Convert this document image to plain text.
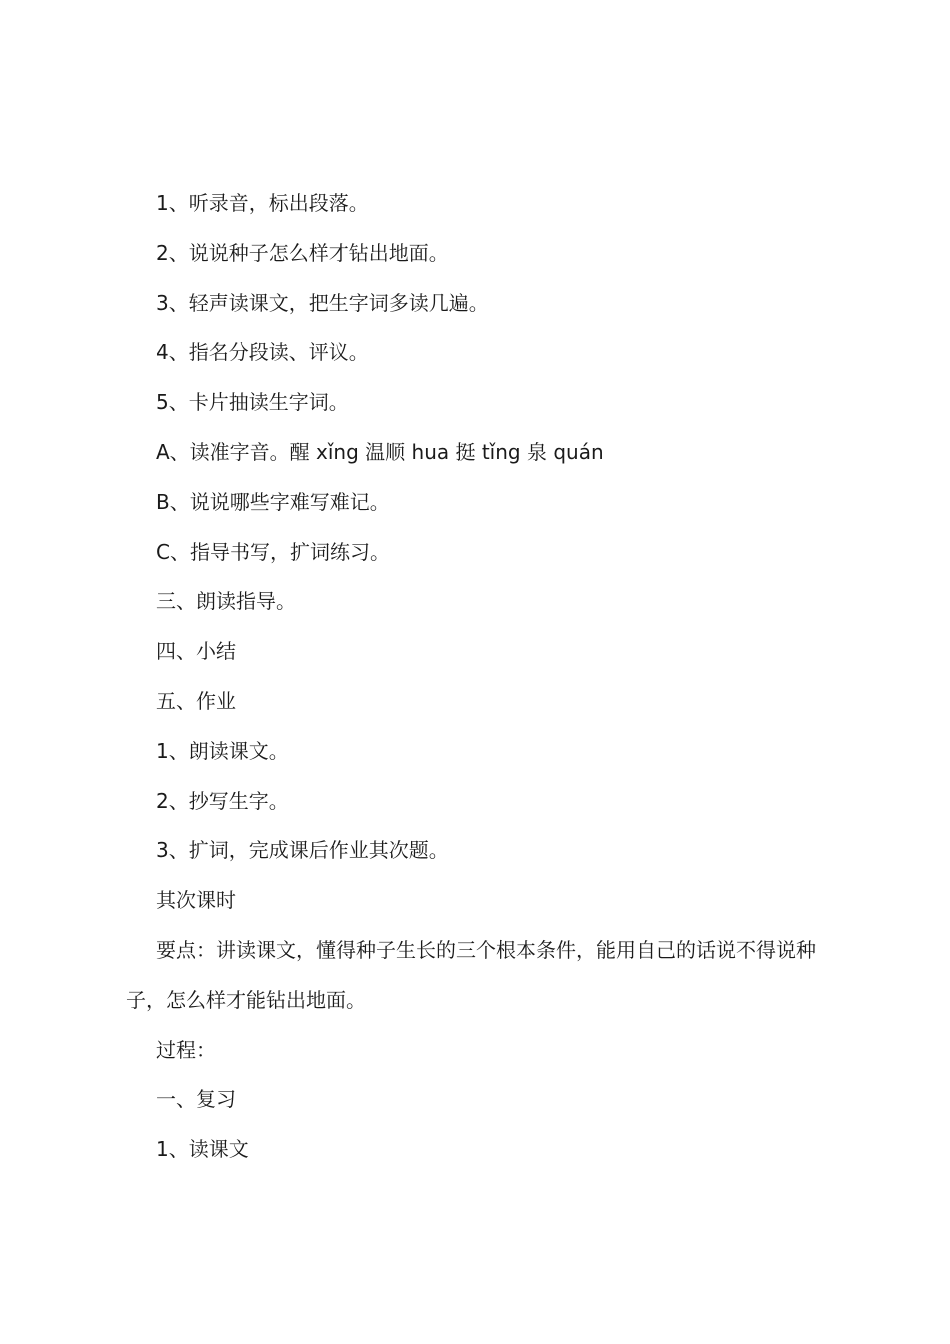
1、听录音，标出段落。

2、说说种子怎么样才钻出地面。

3、轻声读课文，把生字词多读几遍。

4、指名分段读、评议。

5、卡片抽读生字词。

A、读准字音。醒 xǐng 温顺 hua 挺 tǐng 泉 quán

B、说说哪些字难写难记。

C、指导书写，扩词练习。

三、朗读指导。

四、小结

五、作业

1、朗读课文。

2、抄写生字。

3、扩词，完成课后作业其次题。

其次课时

要点：讲读课文，懂得种子生长的三个根本条件，能用自己的话说不得说种子，怎么样才能钻出地面。

过程：

一、复习

1、读课文
